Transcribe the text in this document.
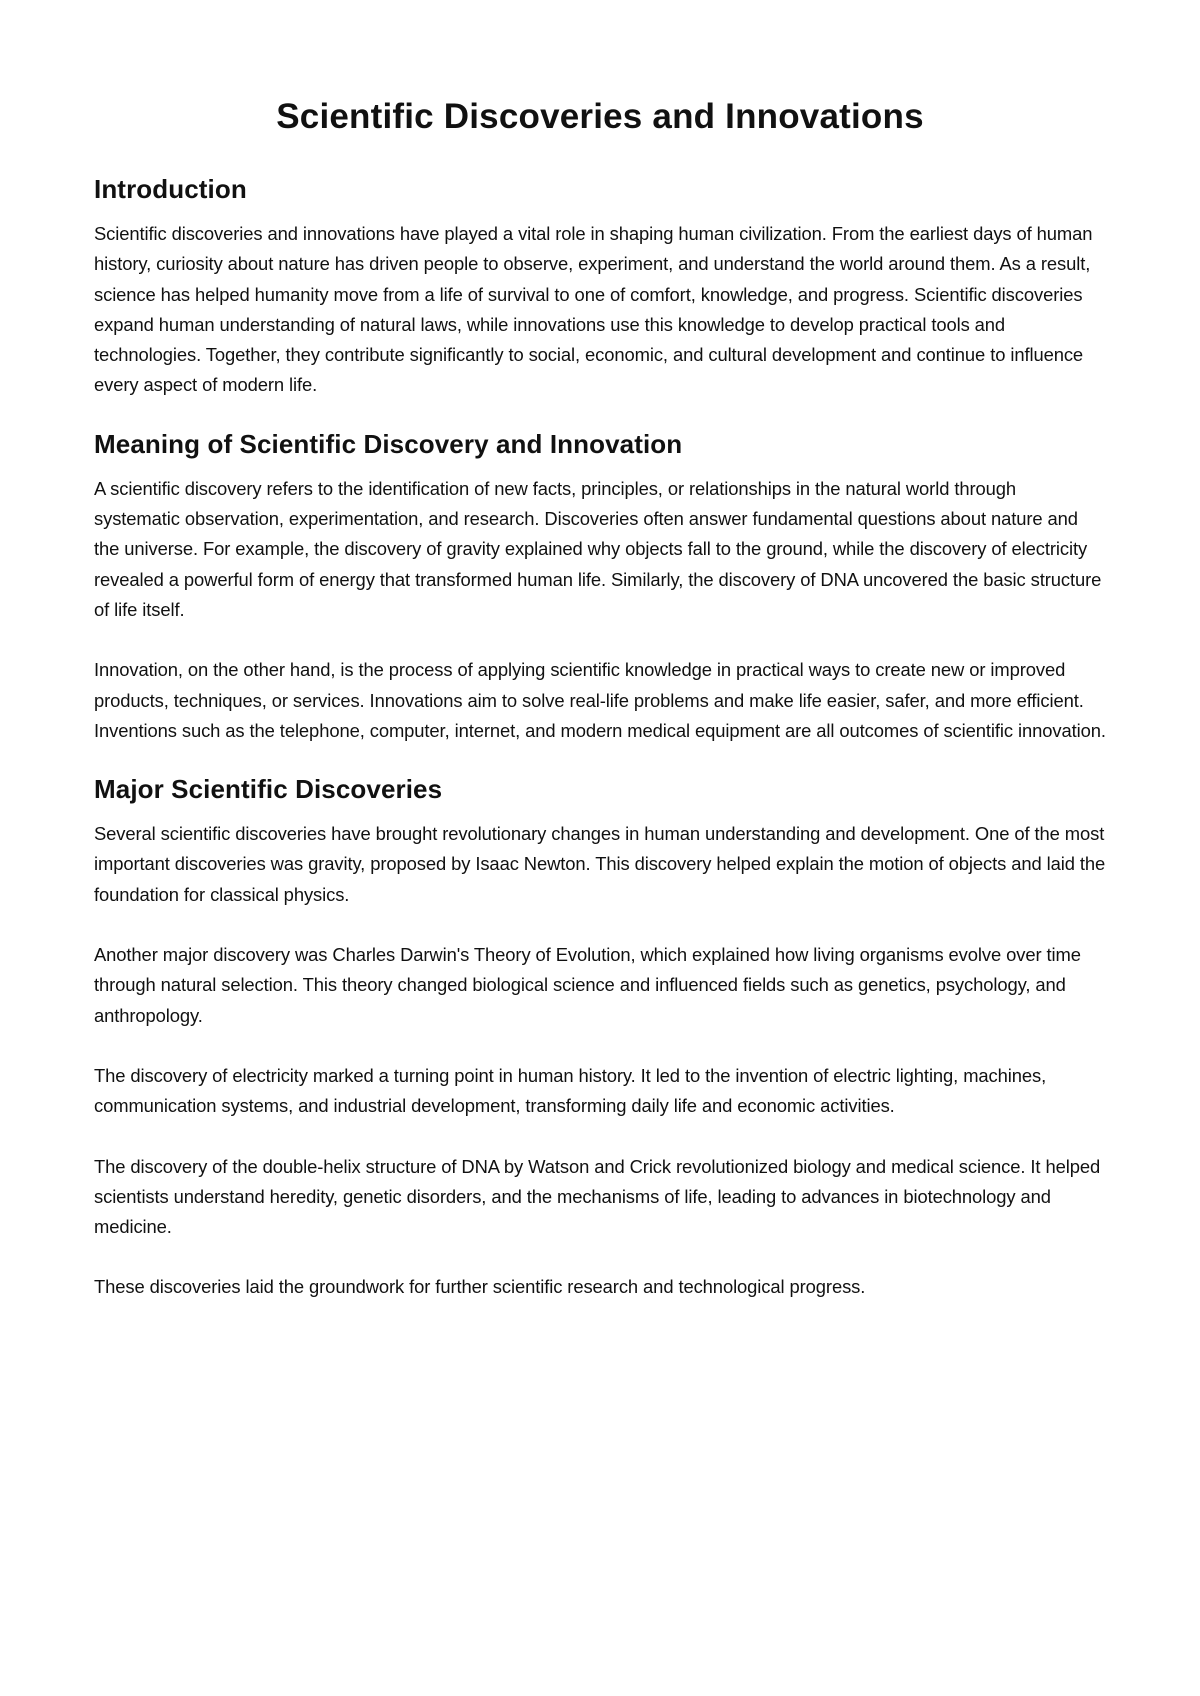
Scientific Discoveries and Innovations
Introduction

Scientific discoveries and innovations have played a vital role in shaping human civilization. From the earliest days of human history, curiosity about nature has driven people to observe, experiment, and understand the world around them. As a result, science has helped humanity move from a life of survival to one of comfort, knowledge, and progress. Scientific discoveries expand human understanding of natural laws, while innovations use this knowledge to develop practical tools and technologies. Together, they contribute significantly to social, economic, and cultural development and continue to influence every aspect of modern life.

Meaning of Scientific Discovery and Innovation

A scientific discovery refers to the identification of new facts, principles, or relationships in the natural world through systematic observation, experimentation, and research. Discoveries often answer fundamental questions about nature and the universe. For example, the discovery of gravity explained why objects fall to the ground, while the discovery of electricity revealed a powerful form of energy that transformed human life. Similarly, the discovery of DNA uncovered the basic structure of life itself.

Innovation, on the other hand, is the process of applying scientific knowledge in practical ways to create new or improved products, techniques, or services. Innovations aim to solve real-life problems and make life easier, safer, and more efficient. Inventions such as the telephone, computer, internet, and modern medical equipment are all outcomes of scientific innovation.

Major Scientific Discoveries

Several scientific discoveries have brought revolutionary changes in human understanding and development. One of the most important discoveries was gravity, proposed by Isaac Newton. This discovery helped explain the motion of objects and laid the foundation for classical physics.

Another major discovery was Charles Darwin's Theory of Evolution, which explained how living organisms evolve over time through natural selection. This theory changed biological science and influenced fields such as genetics, psychology, and anthropology.

The discovery of electricity marked a turning point in human history. It led to the invention of electric lighting, machines, communication systems, and industrial development, transforming daily life and economic activities.

The discovery of the double-helix structure of DNA by Watson and Crick revolutionized biology and medical science. It helped scientists understand heredity, genetic disorders, and the mechanisms of life, leading to advances in biotechnology and medicine.

These discoveries laid the groundwork for further scientific research and technological progress.
